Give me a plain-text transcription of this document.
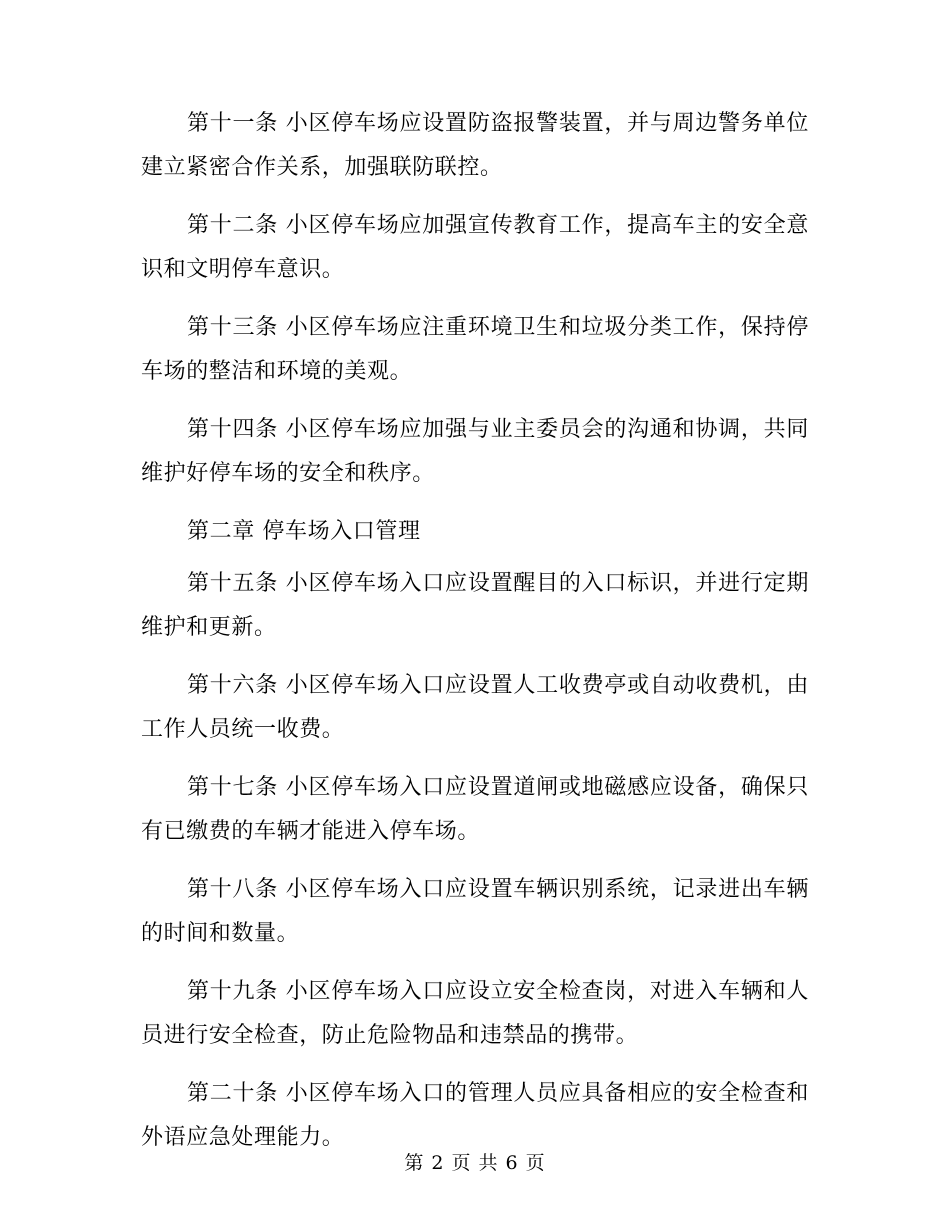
第十一条 小区停车场应设置防盗报警装置，并与周边警务单位建立紧密合作关系，加强联防联控。

第十二条 小区停车场应加强宣传教育工作，提高车主的安全意识和文明停车意识。

第十三条 小区停车场应注重环境卫生和垃圾分类工作，保持停车场的整洁和环境的美观。

第十四条 小区停车场应加强与业主委员会的沟通和协调，共同维护好停车场的安全和秩序。

第二章 停车场入口管理

第十五条 小区停车场入口应设置醒目的入口标识，并进行定期维护和更新。

第十六条 小区停车场入口应设置人工收费亭或自动收费机，由工作人员统一收费。

第十七条 小区停车场入口应设置道闸或地磁感应设备，确保只有已缴费的车辆才能进入停车场。

第十八条 小区停车场入口应设置车辆识别系统，记录进出车辆的时间和数量。

第十九条 小区停车场入口应设立安全检查岗，对进入车辆和人员进行安全检查，防止危险物品和违禁品的携带。

第二十条 小区停车场入口的管理人员应具备相应的安全检查和外语应急处理能力。

第 2 页 共 6 页
